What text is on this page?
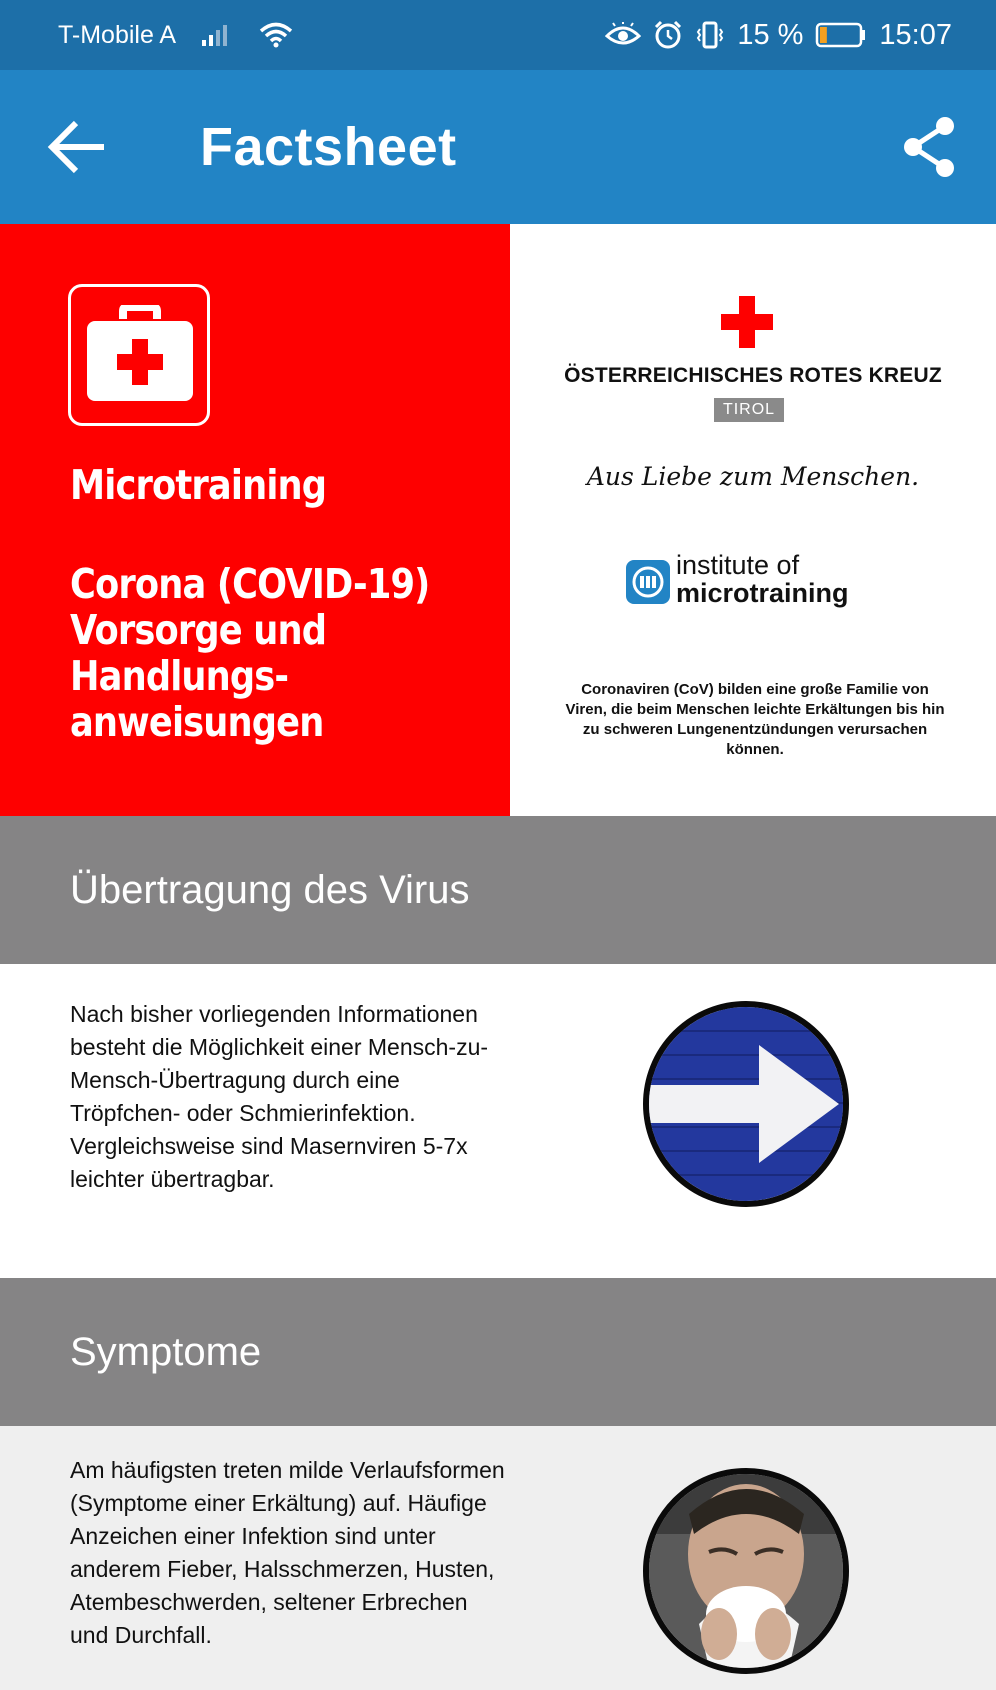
T-Mobile A	15 %	15:07
Factsheet
Microtraining
Corona (COVID-19)
Vorsorge und
Handlungs-
anweisungen
ÖSTERREICHISCHES ROTES KREUZ
TIROL
Aus Liebe zum Menschen.
institute of
microtraining
Coronaviren (CoV) bilden eine große Familie von Viren, die beim Menschen leichte Erkältungen bis hin zu schweren Lungenentzündungen verursachen können.
Übertragung des Virus
Nach bisher vorliegenden Informationen besteht die Möglichkeit einer Mensch-zu-Mensch-Übertragung durch eine Tröpfchen- oder Schmierinfektion. Vergleichsweise sind Masernviren 5-7x leichter übertragbar.
Symptome
Am häufigsten treten milde Verlaufsformen (Symptome einer Erkältung) auf. Häufige Anzeichen einer Infektion sind unter anderem Fieber, Halsschmerzen, Husten, Atembeschwerden, seltener Erbrechen und Durchfall.
